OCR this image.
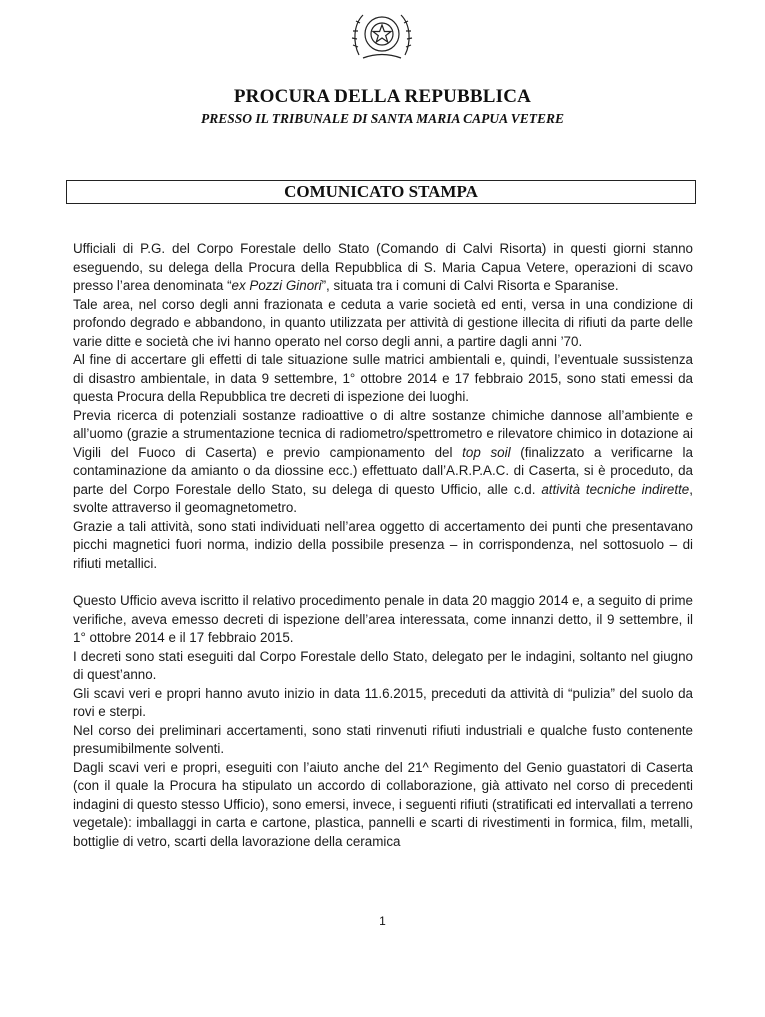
PROCURA DELLA REPUBBLICA
PRESSO IL TRIBUNALE DI SANTA MARIA CAPUA VETERE
COMUNICATO STAMPA

Ufficiali di P.G. del Corpo Forestale dello Stato (Comando di Calvi Risorta) in questi giorni stanno eseguendo, su delega della Procura della Repubblica di S. Maria Capua Vetere, operazioni di scavo presso l’area denominata “ex Pozzi Ginori”, situata tra i comuni di Calvi Risorta e Sparanise.

Tale area, nel corso degli anni frazionata e ceduta a varie società ed enti, versa in una condizione di profondo degrado e abbandono, in quanto utilizzata per attività di gestione illecita di rifiuti da parte delle varie ditte e società che ivi hanno operato nel corso degli anni, a partire dagli anni ’70.

Al fine di accertare gli effetti di tale situazione sulle matrici ambientali e, quindi, l’eventuale sussistenza di disastro ambientale, in data 9 settembre, 1° ottobre 2014 e 17 febbraio 2015, sono stati emessi da questa Procura della Repubblica tre decreti di ispezione dei luoghi.

Previa ricerca di potenziali sostanze radioattive o di altre sostanze chimiche dannose all’ambiente e all’uomo (grazie a strumentazione tecnica di radiometro/spettrometro e rilevatore chimico in dotazione ai Vigili del Fuoco di Caserta) e previo campionamento del top soil (finalizzato a verificarne la contaminazione da amianto o da diossine ecc.) effettuato dall’A.R.P.A.C. di Caserta, si è proceduto, da parte del Corpo Forestale dello Stato, su delega di questo Ufficio, alle c.d. attività tecniche indirette, svolte attraverso il geomagnetometro.

Grazie a tali attività, sono stati individuati nell’area oggetto di accertamento dei punti che presentavano picchi magnetici fuori norma, indizio della possibile presenza – in corrispondenza, nel sottosuolo – di rifiuti metallici.

Questo Ufficio aveva iscritto il relativo procedimento penale in data 20 maggio 2014 e, a seguito di prime verifiche, aveva emesso decreti di ispezione dell’area interessata, come innanzi detto, il 9 settembre, il 1° ottobre 2014 e il 17 febbraio 2015.

I decreti sono stati eseguiti dal Corpo Forestale dello Stato, delegato per le indagini, soltanto nel giugno di quest’anno.

Gli scavi veri e propri hanno avuto inizio in data 11.6.2015, preceduti da attività di “pulizia” del suolo da rovi e sterpi.

Nel corso dei preliminari accertamenti, sono stati rinvenuti rifiuti industriali e qualche fusto contenente presumibilmente solventi.

Dagli scavi veri e propri, eseguiti con l’aiuto anche del 21^ Regimento del Genio guastatori di Caserta (con il quale la Procura ha stipulato un accordo di collaborazione, già attivato nel corso di precedenti indagini di questo stesso Ufficio), sono emersi, invece, i seguenti rifiuti (stratificati ed intervallati a terreno vegetale): imballaggi in carta e cartone, plastica, pannelli e scarti di rivestimenti in formica, film, metalli, bottiglie di vetro, scarti della lavorazione della ceramica

1
